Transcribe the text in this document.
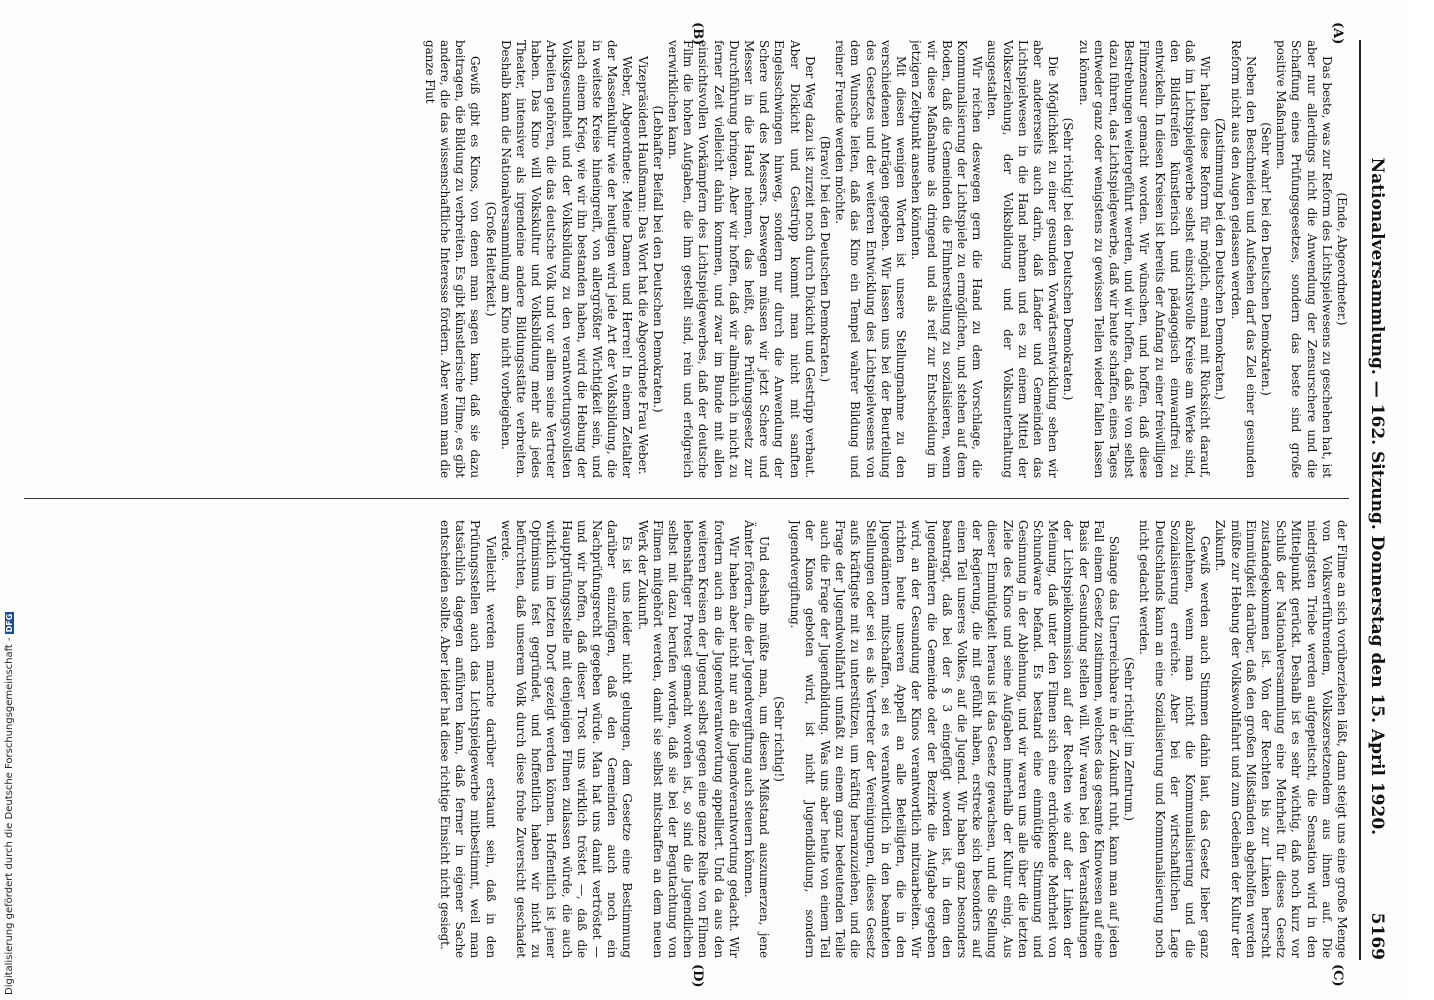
Nationalversammlung. — 162. Sitzung. Donnerstag den 15. April 1920.
5169
(A)
(B)
(C)
(D)

(Ende, Abgeordneter.)

Das beste, was zur Reform des Lichtspielwesens zu geschehen hat, ist aber nur allerdings nicht die Anwendung der Zensurschere und die Schaffung eines Prüfungsgesetzes, sondern das beste sind große positive Maßnahmen.

(Sehr wahr! bei den Deutschen Demokraten.)

Neben den Beschneiden und Aufsehen darf das Ziel einer gesunden Reform nicht aus den Augen gelassen werden.

(Zustimmung bei den Deutschen Demokraten.)

Wir halten diese Reform für möglich, einmal mit Rücksicht darauf, daß im Lichtspielgewerbe selbst einsichtsvolle Kreise am Werke sind, den Bildstreifen künstlerisch und pädagogisch einwandfrei zu entwickeln. In diesen Kreisen ist bereits der Anfang zu einer freiwilligen Filmzensur gemacht worden. Wir wünschen, und hoffen, daß diese Bestrebungen weitergeführt werden, und wir hoffen, daß sie von selbst dazu führen, das Lichtspielgewerbe, daß wir heute schaffen, eines Tages entweder ganz oder wenigstens zu gewissen Teilen wieder fallen lassen zu können.

(Sehr richtig! bei den Deutschen Demokraten.)

Die Möglichkeit zu einer gesunden Vorwärtsentwicklung sehen wir aber andererseits auch darin, daß Länder und Gemeinden das Lichtspielwesen in die Hand nehmen und es zu einem Mittel der Volkserziehung, der Volksbildung und der Volksunterhaltung ausgestalten.

Wir reichen deswegen gern die Hand zu dem Vorschlage, die Kommunalisierung der Lichtspiele zu ermöglichen, und stehen auf dem Boden, daß die Gemeinden die Filmherstellung zu sozialisieren, wenn wir diese Maßnahme als dringend und als reif zur Entscheidung im jetzigen Zeitpunkt ansehen könnten.

Mit diesen wenigen Worten ist unsere Stellungnahme zu den verschiedenen Anträgen gegeben. Wir lassen uns bei der Beurteilung des Gesetzes und der weiteren Entwicklung des Lichtspielwesens von dem Wunsche leiten, daß das Kino ein Tempel wahrer Bildung und reiner Freude werden möchte.

(Bravo! bei den Deutschen Demokraten.)

Der Weg dazu ist zurzeit noch durch Dickicht und Gestrüpp verbaut. Aber Dickicht und Gestrüpp kommt man nicht mit sanften Engelsschwingen hinweg, sondern nur durch die Anwendung der Schere und des Messers. Deswegen müssen wir jetzt Schere und Messer in die Hand nehmen, das heißt, das Prüfungsgesetz zur Durchführung bringen. Aber wir hoffen, daß wir allmählich in nicht zu ferner Zeit vielleicht dahin kommen, und zwar im Bunde mit allen einsichtsvollen Vorkämpfern des Lichtspielgewerbes, daß der deutsche Film die hohen Aufgaben, die ihm gestellt sind, rein und erfolgreich verwirklichen kann.

(Lebhafter Beifall bei den Deutschen Demokraten.)

Vizepräsident Haußmann: Das Wort hat die Abgeordnete Frau Weber.

Weber, Abgeordnete: Meine Damen und Herren! In einem Zeitalter der Massenkultur wie der heutigen wird jede Art der Volksbildung, die in weiteste Kreise hineingreift, von allergrößter Wichtigkeit sein, und nach einem Krieg, wie wir ihn bestanden haben, wird die Hebung der Volksgesundheit und der Volksbildung zu den verantwortungsvollsten Arbeiten gehören, die das deutsche Volk und vor allem seine Vertreter haben. Das Kino will Volkskultur und Volksbildung mehr als jedes Theater, intensiver als irgendeine andere Bildungsstätte verbreiten. Deshalb kann die Nationalversammlung am Kino nicht vorbeigehen.

(Große Heiterkeit.)

Gewiß gibt es Kinos, von denen man sagen kann, daß sie dazu beitragen, die Bildung zu verbreiten. Es gibt künstlerische Filme, es gibt andere, die das wissenschaftliche Interesse fördern. Aber wenn man die ganze Flut

der Filme an sich vorüberziehen läßt, dann steigt uns eine große Menge von Volksverführendem, Volkszersetzendem aus ihnen auf. Die niedrigsten Triebe werden aufgepeitscht, die Sensation wird in den Mittelpunkt gerückt. Deshalb ist es sehr wichtig, daß noch kurz vor Schluß der Nationalversammlung eine Mehrheit für dieses Gesetz zustandegekommen ist. Von der Rechten bis zur Linken herrscht Einmütigkeit darüber, daß den großen Mißständen abgeholfen werden müßte zur Hebung der Volkswohlfahrt und zum Gedeihen der Kultur der Zukunft.

Gewiß werden auch Stimmen dahin laut, das Gesetz lieber ganz abzulehnen, wenn man nicht die Kommunalisierung und die Sozialisierung erreiche. Aber bei der wirtschaftlichen Lage Deutschlands kann an eine Sozialisierung und Kommunalisierung noch nicht gedacht werden.

(Sehr richtig! im Zentrum.)

Solange das Unerreichbare in der Zukunft ruht, kann man auf jeden Fall einem Gesetz zustimmen, welches das gesamte Kinowesen auf eine Basis der Gesundung stellen will. Wir waren bei den Veranstaltungen der Lichtspielkommission auf der Rechten wie auf der Linken der Meinung, daß unter den Filmen sich eine erdrückende Mehrheit von Schundware befand. Es bestand eine einmütige Stimmung und Gesinnung in der Ablehnung, und wir waren uns alle über die letzten Ziele des Kinos und seine Aufgaben innerhalb der Kultur einig. Aus dieser Einmütigkeit heraus ist das Gesetz gewachsen, und die Stellung der Regierung, die mit gefühlt haben, erstrecke sich besonders auf einen Teil unseres Volkes, auf die Jugend. Wir haben ganz besonders beantragt, daß bei der § 3 eingefügt worden ist, in dem den Jugendämtern die Gemeinde oder der Bezirke die Aufgabe gegeben wird, an der Gesundung der Kinos verantwortlich mitzuarbeiten. Wir richten heute unseren Appell an alle Beteiligten, die in den Jugendämtern mitschaffen, sei es verantwortlich in den beamteten Stellungen oder sei es als Vertreter der Vereinigungen, dieses Gesetz aufs kräftigste mit zu unterstützen, um kräftig heranzuziehen, und die Frage der Jugendwohlfahrt umfaßt zu einem ganz bedeutenden Teile auch die Frage der Jugendbildung. Was uns aber heute von einem Teil der Kinos geboten wird, ist nicht Jugendbildung, sondern Jugendvergiftung.

(Sehr richtig!)

Und deshalb müßte man, um diesen Mißstand auszumerzen, jene Ämter fördern, die der Jugendvergiftung auch steuern können.

Wir haben aber nicht nur an die Jugendverantwortung gedacht. Wir fordern auch an die Jugendverantwortung appelliert. Und da aus den weiteren Kreisen der Jugend selbst gegen eine ganze Reihe von Filmen lebenshaftiger Protest gemacht worden ist, so sind die Jugendlichen selbst mit dazu berufen worden, daß sie bei der Begutachtung von Filmen mitgehört werden, damit sie selbst mitschaffen an dem neuen Werk der Zukunft.

Es ist uns leider nicht gelungen, dem Gesetze eine Bestimmung darüber einzufügen, daß den Gemeinden auch noch ein Nachprüfungsrecht gegeben würde. Man hat uns damit vertröstet — und wir hoffen, daß dieser Trost uns wirklich tröstet —, daß die Hauptprüfungsstelle mit denjenigen Filmen zulassen würde, die auch wirklich im letzten Dorf gezeigt werden können. Hoffentlich ist jener Optimismus fest gegründet, und hoffentlich haben wir nicht zu befürchten, daß unserem Volk durch diese frohe Zuversicht geschadet werde.

Vielleicht werden manche darüber erstaunt sein, daß in den Prüfungsstellen auch das Lichtspielgewerbe mitbestimmt, weil man tatsächlich dagegen anführen kann, daß ferner in eigener Sache entscheiden sollte. Aber leider hat diese richtige Einsicht nicht gesiegt.

Digitalisierung gefördert durch die Deutsche Forschungsgemeinschaft -DFG
